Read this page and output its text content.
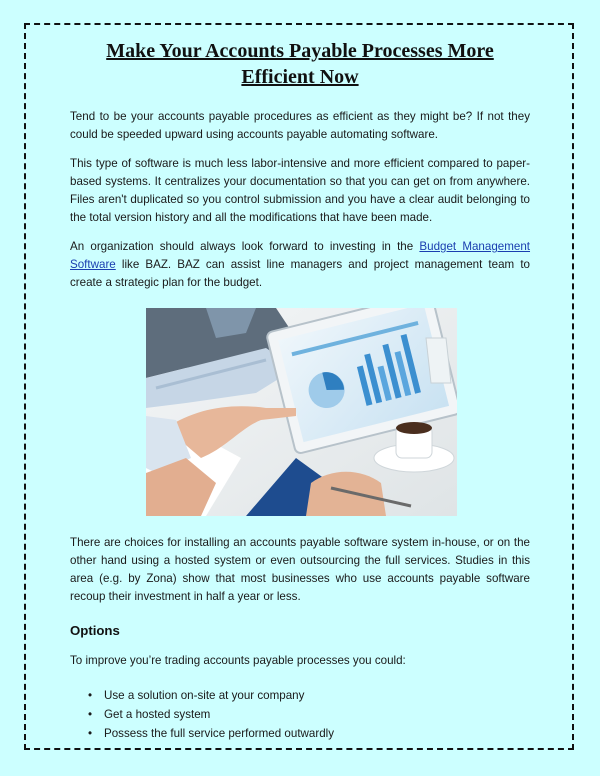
Make Your Accounts Payable Processes More Efficient Now

Tend to be your accounts payable procedures as efficient as they might be? If not they could be speeded upward using accounts payable automating software.

This type of software is much less labor-intensive and more efficient compared to paper-based systems. It centralizes your documentation so that you can get on from anywhere. Files aren't duplicated so you control submission and you have a clear audit belonging to the total version history and all the modifications that have been made.

An organization should always look forward to investing in the Budget Management Software like BAZ. BAZ can assist line managers and project management team to create a strategic plan for the budget.

There are choices for installing an accounts payable software system in-house, or on the other hand using a hosted system or even outsourcing the full services. Studies in this area (e.g. by Zona) show that most businesses who use accounts payable software recoup their investment in half a year or less.

Options

To improve you’re trading accounts payable processes you could:

• Use a solution on-site at your company
• Get a hosted system
• Possess the full service performed outwardly
